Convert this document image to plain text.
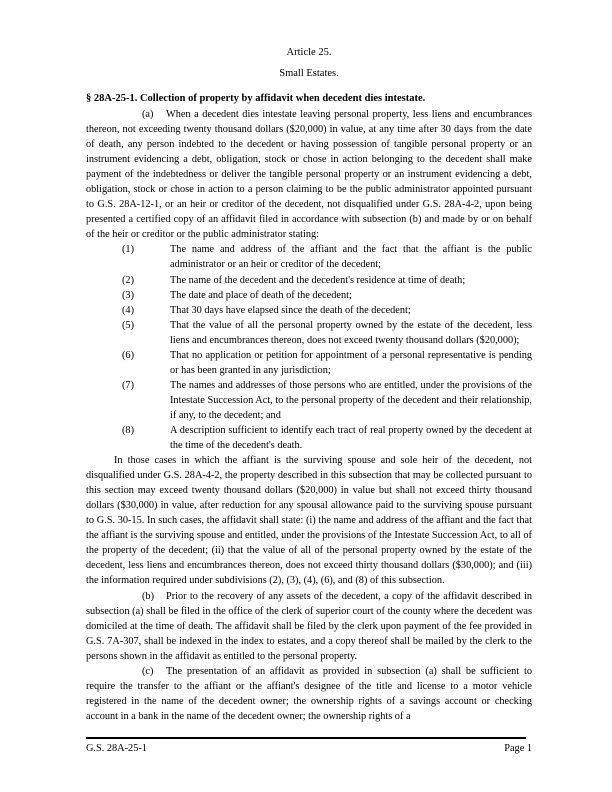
Article 25.
Small Estates.
§ 28A-25-1. Collection of property by affidavit when decedent dies intestate.

(a) When a decedent dies intestate leaving personal property, less liens and encumbrances thereon, not exceeding twenty thousand dollars ($20,000) in value, at any time after 30 days from the date of death, any person indebted to the decedent or having possession of tangible personal property or an instrument evidencing a debt, obligation, stock or chose in action belonging to the decedent shall make payment of the indebtedness or deliver the tangible personal property or an instrument evidencing a debt, obligation, stock or chose in action to a person claiming to be the public administrator appointed pursuant to G.S. 28A-12-1, or an heir or creditor of the decedent, not disqualified under G.S. 28A-4-2, upon being presented a certified copy of an affidavit filed in accordance with subsection (b) and made by or on behalf of the heir or creditor or the public administrator stating:

(1)	The name and address of the affiant and the fact that the affiant is the public administrator or an heir or creditor of the decedent;
(2)	The name of the decedent and the decedent's residence at time of death;
(3)	The date and place of death of the decedent;
(4)	That 30 days have elapsed since the death of the decedent;
(5)	That the value of all the personal property owned by the estate of the decedent, less liens and encumbrances thereon, does not exceed twenty thousand dollars ($20,000);
(6)	That no application or petition for appointment of a personal representative is pending or has been granted in any jurisdiction;
(7)	The names and addresses of those persons who are entitled, under the provisions of the Intestate Succession Act, to the personal property of the decedent and their relationship, if any, to the decedent; and
(8)	A description sufficient to identify each tract of real property owned by the decedent at the time of the decedent's death.

In those cases in which the affiant is the surviving spouse and sole heir of the decedent, not disqualified under G.S. 28A-4-2, the property described in this subsection that may be collected pursuant to this section may exceed twenty thousand dollars ($20,000) in value but shall not exceed thirty thousand dollars ($30,000) in value, after reduction for any spousal allowance paid to the surviving spouse pursuant to G.S. 30-15. In such cases, the affidavit shall state: (i) the name and address of the affiant and the fact that the affiant is the surviving spouse and entitled, under the provisions of the Intestate Succession Act, to all of the property of the decedent; (ii) that the value of all of the personal property owned by the estate of the decedent, less liens and encumbrances thereon, does not exceed thirty thousand dollars ($30,000); and (iii) the information required under subdivisions (2), (3), (4), (6), and (8) of this subsection.

(b) Prior to the recovery of any assets of the decedent, a copy of the affidavit described in subsection (a) shall be filed in the office of the clerk of superior court of the county where the decedent was domiciled at the time of death. The affidavit shall be filed by the clerk upon payment of the fee provided in G.S. 7A-307, shall be indexed in the index to estates, and a copy thereof shall be mailed by the clerk to the persons shown in the affidavit as entitled to the personal property.

(c) The presentation of an affidavit as provided in subsection (a) shall be sufficient to require the transfer to the affiant or the affiant's designee of the title and license to a motor vehicle registered in the name of the decedent owner; the ownership rights of a savings account or checking account in a bank in the name of the decedent owner; the ownership rights of a

G.S. 28A-25-1	Page 1
